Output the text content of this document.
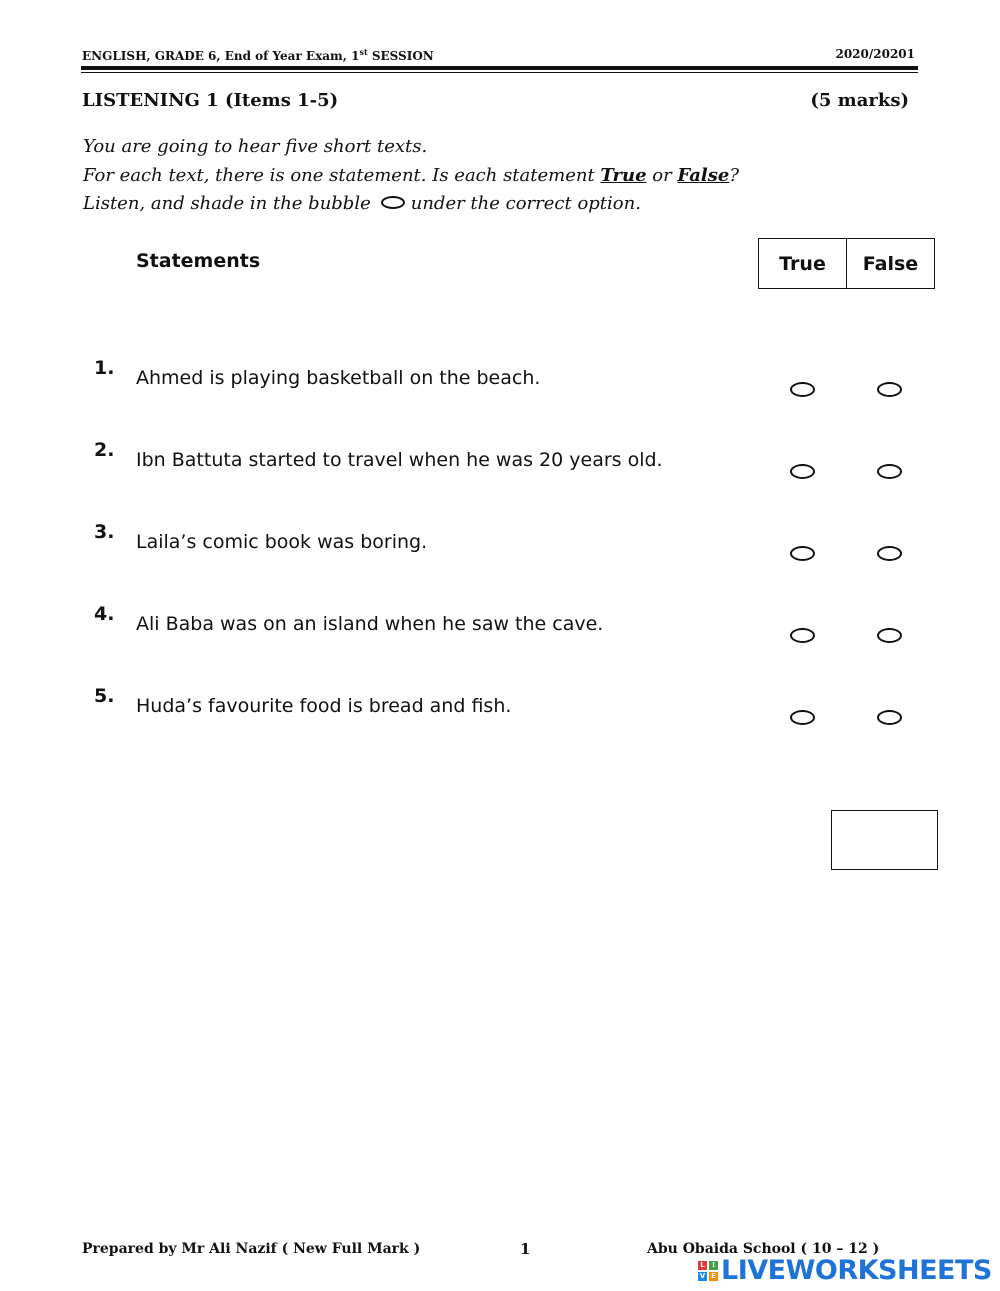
ENGLISH, GRADE 6, End of Year Exam, 1st SESSION	2020/20201
LISTENING 1 (Items 1-5)	(5 marks)
You are going to hear five short texts.
For each text, there is one statement. Is each statement True or False?
Listen, and shade in the bubble under the correct option.
Statements	True	False
1. Ahmed is playing basketball on the beach.
2. Ibn Battuta started to travel when he was 20 years old.
3. Laila’s comic book was boring.
4. Ali Baba was on an island when he saw the cave.
5. Huda’s favourite food is bread and fish.
Prepared by Mr Ali Nazif ( New Full Mark )	1	Abu Obaida School ( 10 – 12 )
L	I
V E LIVEWORKSHEETS
